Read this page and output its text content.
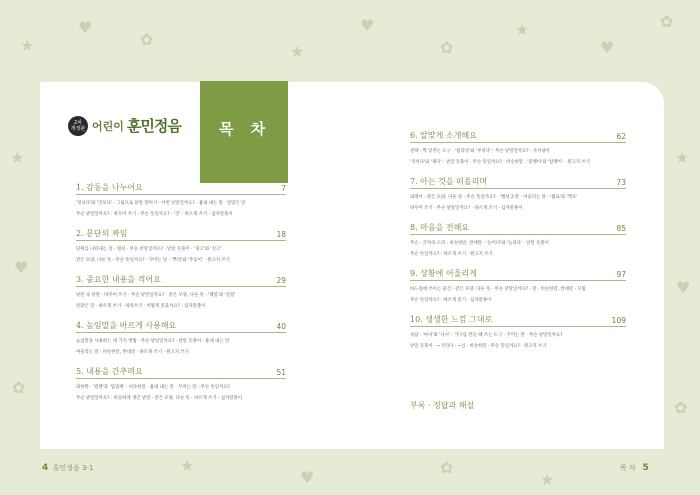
★
♥
✿
★
♥
✿
★
♥
✿
★
♥
✿
★
♥
✿
★
♥
✿
★
목 차
2차
개정판 어린이 훈민정음
1. 감동을 나누어요	7
'엿보다'와 '엿보다' · 그림으로 낱말 맞히기 · 어떤 낱말일까요? · 흉내 내는 말 · 알맞은 말
무슨 낱말일까요? · 바꾸어 쓰기 · 무슨 뜻일까요? · '것' · 바르게 쓰기 · 십자말풀이
2. 문단의 짜임	18
단위를 나타내는 말 · 열쇠 · 무슨 낱말일까요? · 낱말 듯풀이 · '경고'와 '신고'
같은 모양, 다른 뜻 · 무슨 뜻일까요? · 꾸미는 말 · '뿌리'와 '주동이' · 원고지 쓰기
3. 중요한 내용을 적어요	29
낱말 속 낱말 · 바꾸어 쓰기 · 무슨 낱말일까요? · 같은 모양, 다른 뜻 · '체험'과 '실험'
알맞은 말 · 바르게 쓰기 · 따라쓰기 · 어떻게 읽을까요? · 십자말풀이
4. 높임말을 바르게 사용해요	40
높임말을 사용하는 네 가지 방법 · 무슨 낱말일까요? · 낱말 듯풀이 · 흉내 내는 말
여울리는 말 · 비슷한말, 반대말 · 바르게 쓰기 · 원고지 쓰기
5. 내용을 간추려요	51
외한쪽 · '컵렌'과 '엄냄새' · 비슷한말 · 흉내 내는 말 · 꾸미는 말 · 무슨 뜻일까요?
무슨 낱말일까요? · 비슷하게 생긴 낱말 · 같은 모양, 다른 뜻 · 바르게 쓰기 · 십자말풀이
6. 알맞게 소개해요	62
전략 · 짝 맞추는 도구 · '불리다'와 '부치다' · 무슨 낱말일까요? · 사자성어
'지치다'와 '제다' · 낱말 듯풀이 · 무슨 뜻일까요? · 비슷한말 · '말맹이'와 '압맹이' · 원고지 쓰기
7. 아는 것을 떠올리며	73
외래어 · 같은 모양, 다른 뜻 · 무슨 뜻일까요? · '행성 2개' · 어울리는 말 · '월로'와 '찍포'
바꾸어 쓰기 · 무슨 낱말일까요? · 바르게 쓰기 · 십자말풀이
8. 마음을 전해요	85
무슨 · 글자의 소리 · 비슷한말, 반대말 · '늘이다'와 '늘리다' · 낱말 듯풀이
무슨 뜻일까요? · 바르게 쓰기 · 원고지 쓰기
9. 상황에 어울리게	97
바느질에 쓰이는 물건 · 같은 모양, 다른 뜻 · 무슨 낱말일까요? · 말 · 비슷한말, 반대말 · 꾸밈
무슨 뜻일까요? · 바르게 읽기 · 십자말풀이
10. 생생한 느낌 그대로	109
속담 · '마저'와 '다시' · 가구를 만들 때 쓰는 도구 · 꾸미는 말 · 무슨 낱말일까요?
낱말 듯풀이 · ~거리다 · ~심 · 비슷한말 · 무슨 뜻일까요? · 원고지 쓰기
부록 · 정답과 해설
4 훈민정음 3-1	목 차 5
